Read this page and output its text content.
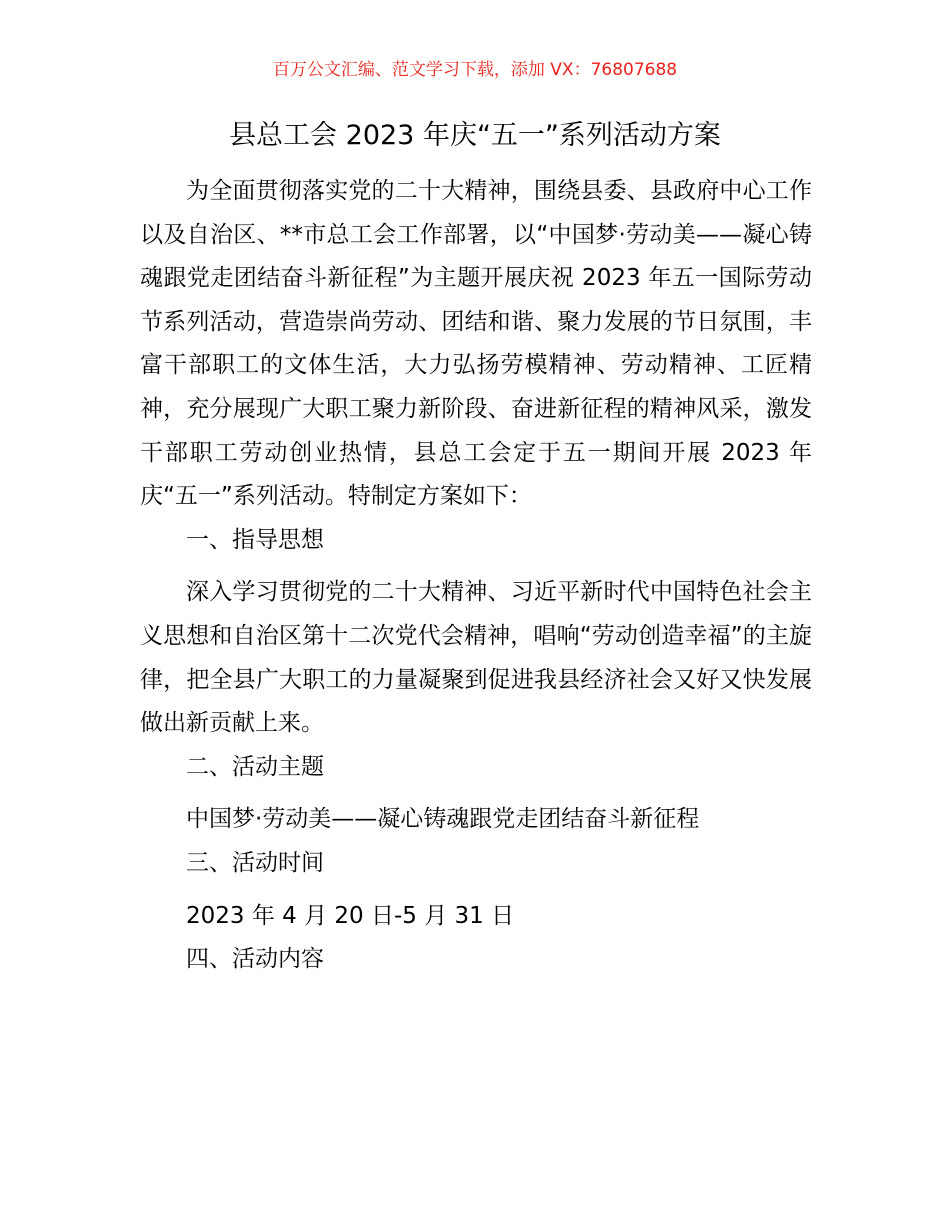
百万公文汇编、范文学习下载，添加 VX：76807688
县总工会 2023 年庆“五一”系列活动方案

为全面贯彻落实党的二十大精神，围绕县委、县政府中心工作以及自治区、**市总工会工作部署，以“中国梦·劳动美——凝心铸魂跟党走团结奋斗新征程”为主题开展庆祝 2023 年五一国际劳动节系列活动，营造崇尚劳动、团结和谐、聚力发展的节日氛围，丰富干部职工的文体生活，大力弘扬劳模精神、劳动精神、工匠精神，充分展现广大职工聚力新阶段、奋进新征程的精神风采，激发干部职工劳动创业热情，县总工会定于五一期间开展 2023 年庆“五一”系列活动。特制定方案如下：

一、指导思想

深入学习贯彻党的二十大精神、习近平新时代中国特色社会主义思想和自治区第十二次党代会精神，唱响“劳动创造幸福”的主旋律，把全县广大职工的力量凝聚到促进我县经济社会又好又快发展做出新贡献上来。

二、活动主题

中国梦·劳动美——凝心铸魂跟党走团结奋斗新征程

三、活动时间

2023 年 4 月 20 日-5 月 31 日

四、活动内容
